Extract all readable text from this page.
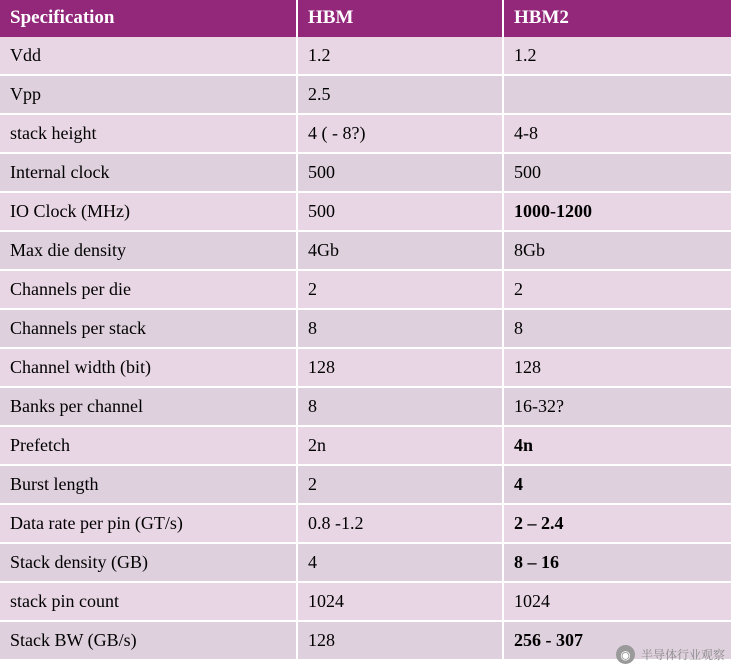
Specification	HBM	HBM2
Vdd	1.2	1.2
Vpp	2.5	
stack height	4 ( - 8?)	4-8
Internal clock	500	500
IO Clock (MHz)	500	1000-1200
Max die density	4Gb	8Gb
Channels per die	2	2
Channels per stack	8	8
Channel width (bit)	128	128
Banks per channel	8	16-32?
Prefetch	2n	4n
Burst length	2	4
Data rate per pin (GT/s)	0.8 -1.2	2 – 2.4
Stack density (GB)	4	8 – 16
stack pin count	1024	1024
Stack BW (GB/s)	128	256 - 307
◉ 半导体行业观察
